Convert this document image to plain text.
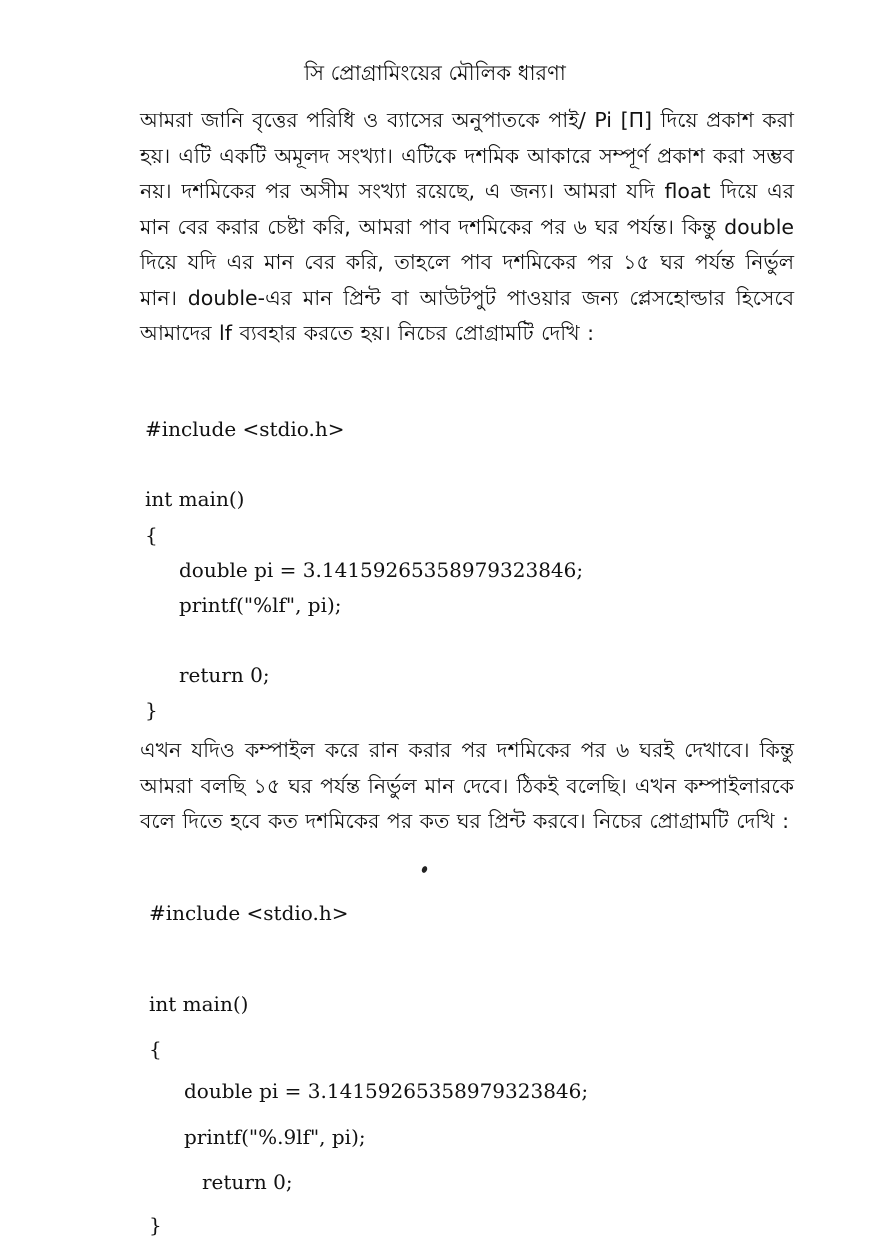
সি প্রোগ্রামিংয়ের মৌলিক ধারণা
আমরা জানি বৃত্তের পরিধি ও ব্যাসের অনুপাতকে পাই/ Pi [Π] দিয়ে প্রকাশ করা হয়। এটি একটি অমূলদ সংখ্যা। এটিকে দশমিক আকারে সম্পূর্ণ প্রকাশ করা সম্ভব নয়। দশমিকের পর অসীম সংখ্যা রয়েছে, এ জন্য। আমরা যদি float দিয়ে এর মান বের করার চেষ্টা করি, আমরা পাব দশমিকের পর ৬ ঘর পর্যন্ত। কিন্তু double দিয়ে যদি এর মান বের করি, তাহলে পাব দশমিকের পর ১৫ ঘর পর্যন্ত নির্ভুল মান। double-এর মান প্রিন্ট বা আউটপুট পাওয়ার জন্য প্লেসহোল্ডার হিসেবে আমাদের lf ব্যবহার করতে হয়। নিচের প্রোগ্রামটি দেখি :
#include <stdio.h>
int main()
{
double pi = 3.14159265358979323846;
printf("%lf", pi);
return 0;
}
এখন যদিও কম্পাইল করে রান করার পর দশমিকের পর ৬ ঘরই দেখাবে। কিন্তু আমরা বলছি ১৫ ঘর পর্যন্ত নির্ভুল মান দেবে। ঠিকই বলেছি। এখন কম্পাইলারকে বলে দিতে হবে কত দশমিকের পর কত ঘর প্রিন্ট করবে। নিচের প্রোগ্রামটি দেখি :
#include <stdio.h>
int main()
{
double pi = 3.14159265358979323846;
printf("%.9lf", pi);
return 0;
}
